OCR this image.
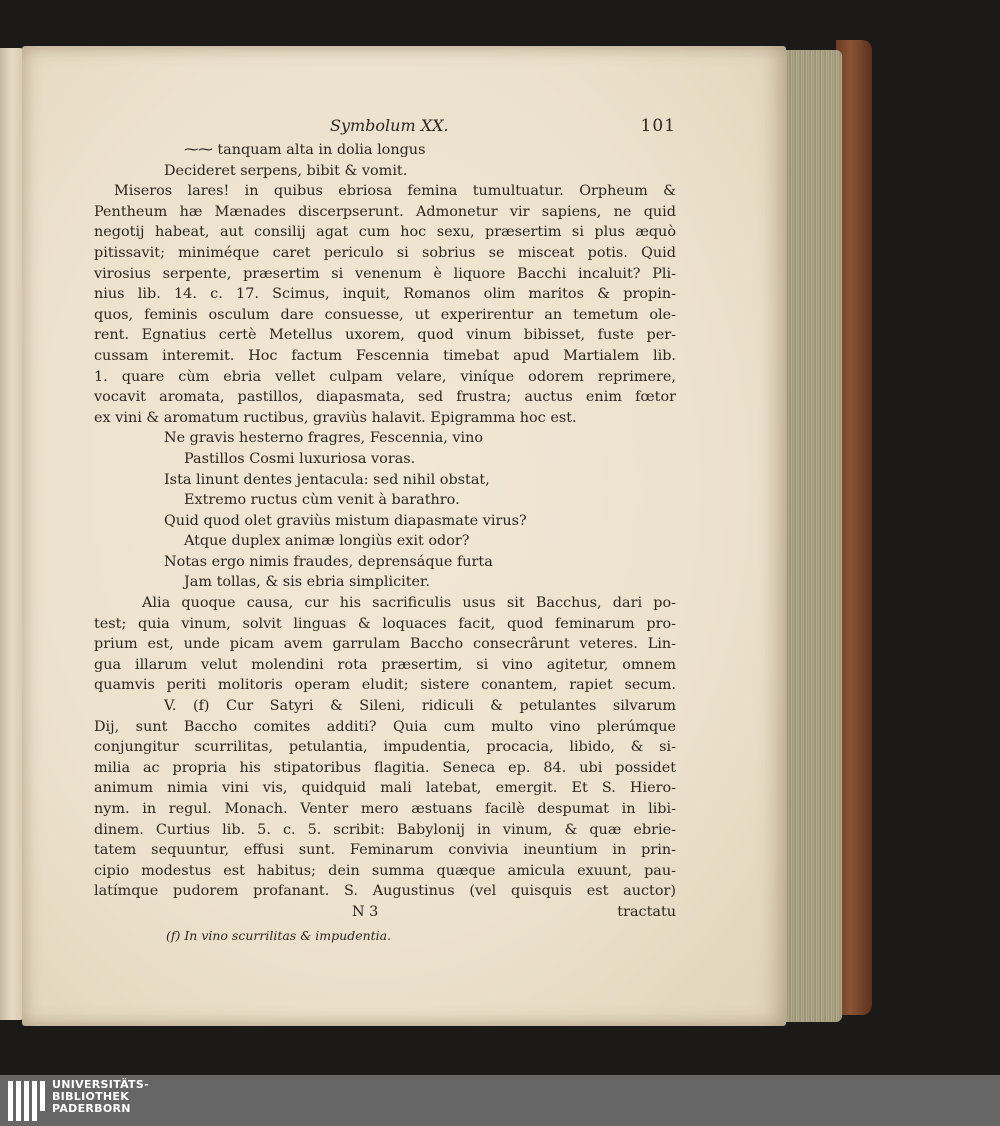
Symbolum XX.	101
⁓⁓ tanquam alta in dolia longus
Decideret serpens, bibit & vomit.
Miseros lares! in quibus ebriosa femina tumultuatur. Orpheum &
Pentheum hæ Mænades discerpserunt. Admonetur vir sapiens, ne quid
negotij habeat, aut consilij agat cum hoc sexu, præsertim si plus æquò
pitissavit; miniméque caret periculo si sobrius se misceat potis. Quid
virosius serpente, præsertim si venenum è liquore Bacchi incaluit? Pli-
nius lib. 14. c. 17. Scimus, inquit, Romanos olim maritos & propin-
quos, feminis osculum dare consuesse, ut experirentur an temetum ole-
rent. Egnatius certè Metellus uxorem, quod vinum bibisset, fuste per-
cussam interemit. Hoc factum Fescennia timebat apud Martialem lib.
1. quare cùm ebria vellet culpam velare, viníque odorem reprimere,
vocavit aromata, pastillos, diapasmata, sed frustra; auctus enim fœtor
ex vini & aromatum ructibus, graviùs halavit. Epigramma hoc est.
Ne gravis hesterno fragres, Fescennia, vino
Pastillos Cosmi luxuriosa voras.
Ista linunt dentes jentacula: sed nihil obstat,
Extremo ructus cùm venit à barathro.
Quid quod olet graviùs mistum diapasmate virus?
Atque duplex animæ longiùs exit odor?
Notas ergo nimis fraudes, deprensáque furta
Jam tollas, & sis ebria simpliciter.
Alia quoque causa, cur his sacrificulis usus sit Bacchus, dari po-
test; quia vinum, solvit linguas & loquaces facit, quod feminarum pro-
prium est, unde picam avem garrulam Baccho consecrârunt veteres. Lin-
gua illarum velut molendini rota præsertim, si vino agitetur, omnem
quamvis periti molitoris operam eludit; sistere conantem, rapiet secum.
V. (f) Cur Satyri & Sileni, ridiculi & petulantes silvarum
Dij, sunt Baccho comites additi? Quia cum multo vino plerúmque
conjungitur scurrilitas, petulantia, impudentia, procacia, libido, & si-
milia ac propria his stipatoribus flagitia. Seneca ep. 84. ubi possidet
animum nimia vini vis, quidquid mali latebat, emergit. Et S. Hiero-
nym. in regul. Monach. Venter mero æstuans facilè despumat in libi-
dinem. Curtius lib. 5. c. 5. scribit: Babylonij in vinum, & quæ ebrie-
tatem sequuntur, effusi sunt. Feminarum convivia ineuntium in prin-
cipio modestus est habitus; dein summa quæque amicula exuunt, pau-
latímque pudorem profanant. S. Augustinus (vel quisquis est auctor)
N 3	tractatu
(f) In vino scurrilitas & impudentia.
UNIVERSITÄTS-
BIBLIOTHEK
PADERBORN
